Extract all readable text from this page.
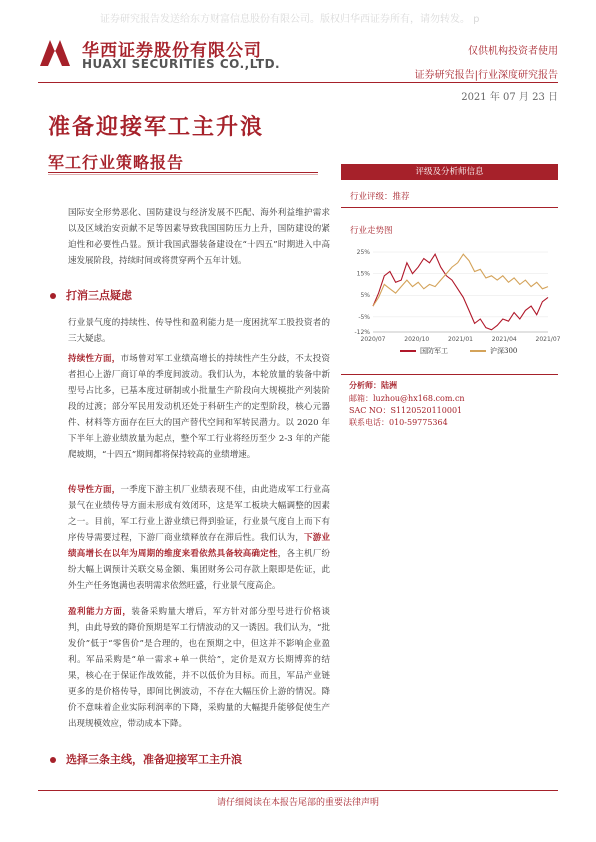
证券研究报告发送给东方财富信息股份有限公司。版权归华西证券所有，请勿转发。 p
华西证券股份有限公司
HUAXI SECURITIES CO.,LTD.
仅供机构投资者使用
证券研究报告|行业深度研究报告
2021 年 07 月 23 日
准备迎接军工主升浪
军工行业策略报告
国际安全形势恶化、国防建设与经济发展不匹配、海外利益维护需求以及区域治安贡献不足等因素导致我国国防压力上升，国防建设的紧迫性和必要性凸显。预计我国武器装备建设在“十四五”时期进入中高速发展阶段，持续时间或将贯穿两个五年计划。
打消三点疑虑
行业景气度的持续性、传导性和盈利能力是一度困扰军工股投资者的三大疑虑。
持续性方面，市场曾对军工业绩高增长的持续性产生分歧，不太投资者担心上游厂商订单的季度间波动。我们认为，本轮放量的装备中新型号占比多，已基本度过研制或小批量生产阶段向大规模批产列装阶段的过渡；部分军民用发动机还处于科研生产的定型阶段，核心元器件、材料等方面存在巨大的国产替代空间和军转民潜力。以 2020 年下半年上游业绩放量为起点，整个军工行业将经历至少 2-3 年的产能爬坡期，“十四五”期间都将保持较高的业绩增速。
传导性方面，一季度下游主机厂业绩表现不佳，由此造成军工行业高景气在业绩传导方面未形成有效闭环，这是军工板块大幅调整的因素之一。目前，军工行业上游业绩已得到验证，行业景气度自上而下有序传导需要过程，下游厂商业绩释放存在滞后性。我们认为，下游业绩高增长在以年为周期的维度来看依然具备较高确定性，各主机厂纷纷大幅上调预计关联交易金额、集团财务公司存款上限即是佐证，此外生产任务饱满也表明需求依然旺盛，行业景气度高企。
盈利能力方面，装备采购量大增后，军方针对部分型号进行价格谈判，由此导致的降价预期是军工行情波动的又一诱因。我们认为，“批发价”低于“零售价”是合理的，也在预期之中，但这并不影响企业盈利。军品采购是“单一需求+单一供给”，定价是双方长期博弈的结果，核心在于保证作战效能，并不以低价为目标。而且，军品产业链更多的是价格传导，即间比例波动，不存在大幅压价上游的情况。降价不意味着企业实际利润率的下降，采购量的大幅提升能够促使生产出现规模效应，带动成本下降。
选择三条主线，准备迎接军工主升浪
评级及分析师信息
行业评级：推荐
行业走势图
25%
15%
5%
-5%
-12%
2020/07	2020/10	2021/01	2021/04	2021/07
国防军工	沪深300
分析师：陆洲
邮箱：luzhou@hx168.com.cn
SAC NO：S1120520110001
联系电话：010-59775364
请仔细阅读在本报告尾部的重要法律声明
